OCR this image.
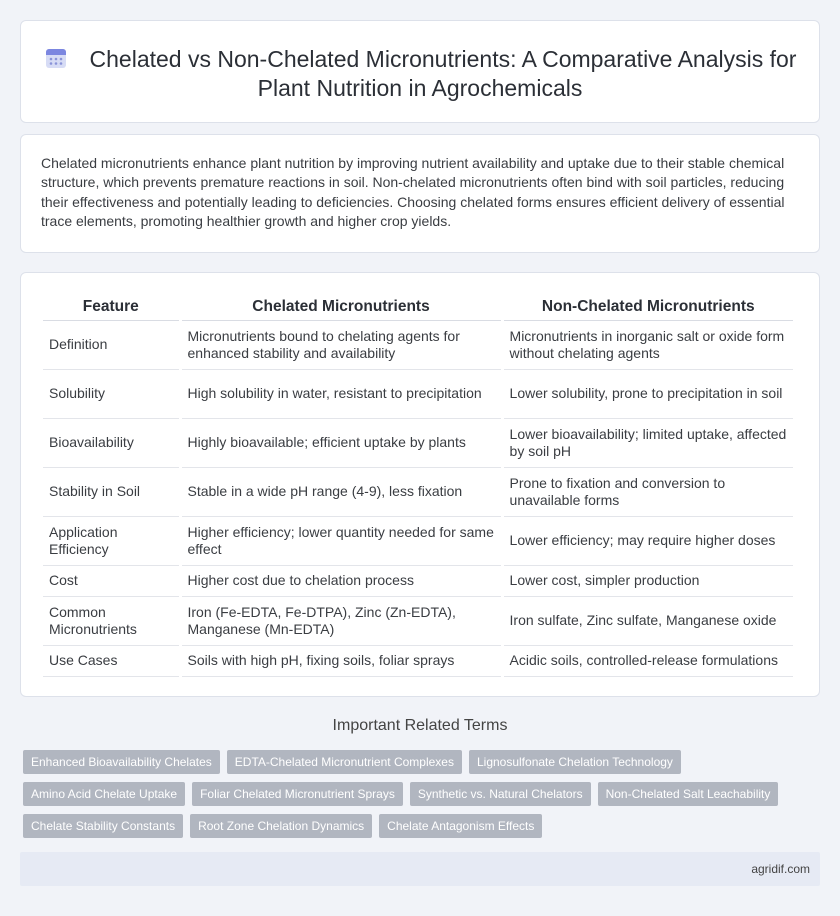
Chelated vs Non-Chelated Micronutrients: A Comparative Analysis for Plant Nutrition in Agrochemicals

Chelated micronutrients enhance plant nutrition by improving nutrient availability and uptake due to their stable chemical structure, which prevents premature reactions in soil. Non-chelated micronutrients often bind with soil particles, reducing their effectiveness and potentially leading to deficiencies. Choosing chelated forms ensures efficient delivery of essential trace elements, promoting healthier growth and higher crop yields.

Feature	Chelated Micronutrients	Non-Chelated Micronutrients
Definition	Micronutrients bound to chelating agents for enhanced stability and availability	Micronutrients in inorganic salt or oxide form without chelating agents
Solubility	High solubility in water, resistant to precipitation	Lower solubility, prone to precipitation in soil
Bioavailability	Highly bioavailable; efficient uptake by plants	Lower bioavailability; limited uptake, affected by soil pH
Stability in Soil	Stable in a wide pH range (4-9), less fixation	Prone to fixation and conversion to unavailable forms
Application Efficiency	Higher efficiency; lower quantity needed for same effect	Lower efficiency; may require higher doses
Cost	Higher cost due to chelation process	Lower cost, simpler production
Common Micronutrients	Iron (Fe-EDTA, Fe-DTPA), Zinc (Zn-EDTA), Manganese (Mn-EDTA)	Iron sulfate, Zinc sulfate, Manganese oxide
Use Cases	Soils with high pH, fixing soils, foliar sprays	Acidic soils, controlled-release formulations
Important Related Terms
Enhanced Bioavailability Chelates	EDTA-Chelated Micronutrient Complexes	Lignosulfonate Chelation Technology
Amino Acid Chelate Uptake	Foliar Chelated Micronutrient Sprays	Synthetic vs. Natural Chelators	Non-Chelated Salt Leachability
Chelate Stability Constants	Root Zone Chelation Dynamics	Chelate Antagonism Effects
agridif.com
